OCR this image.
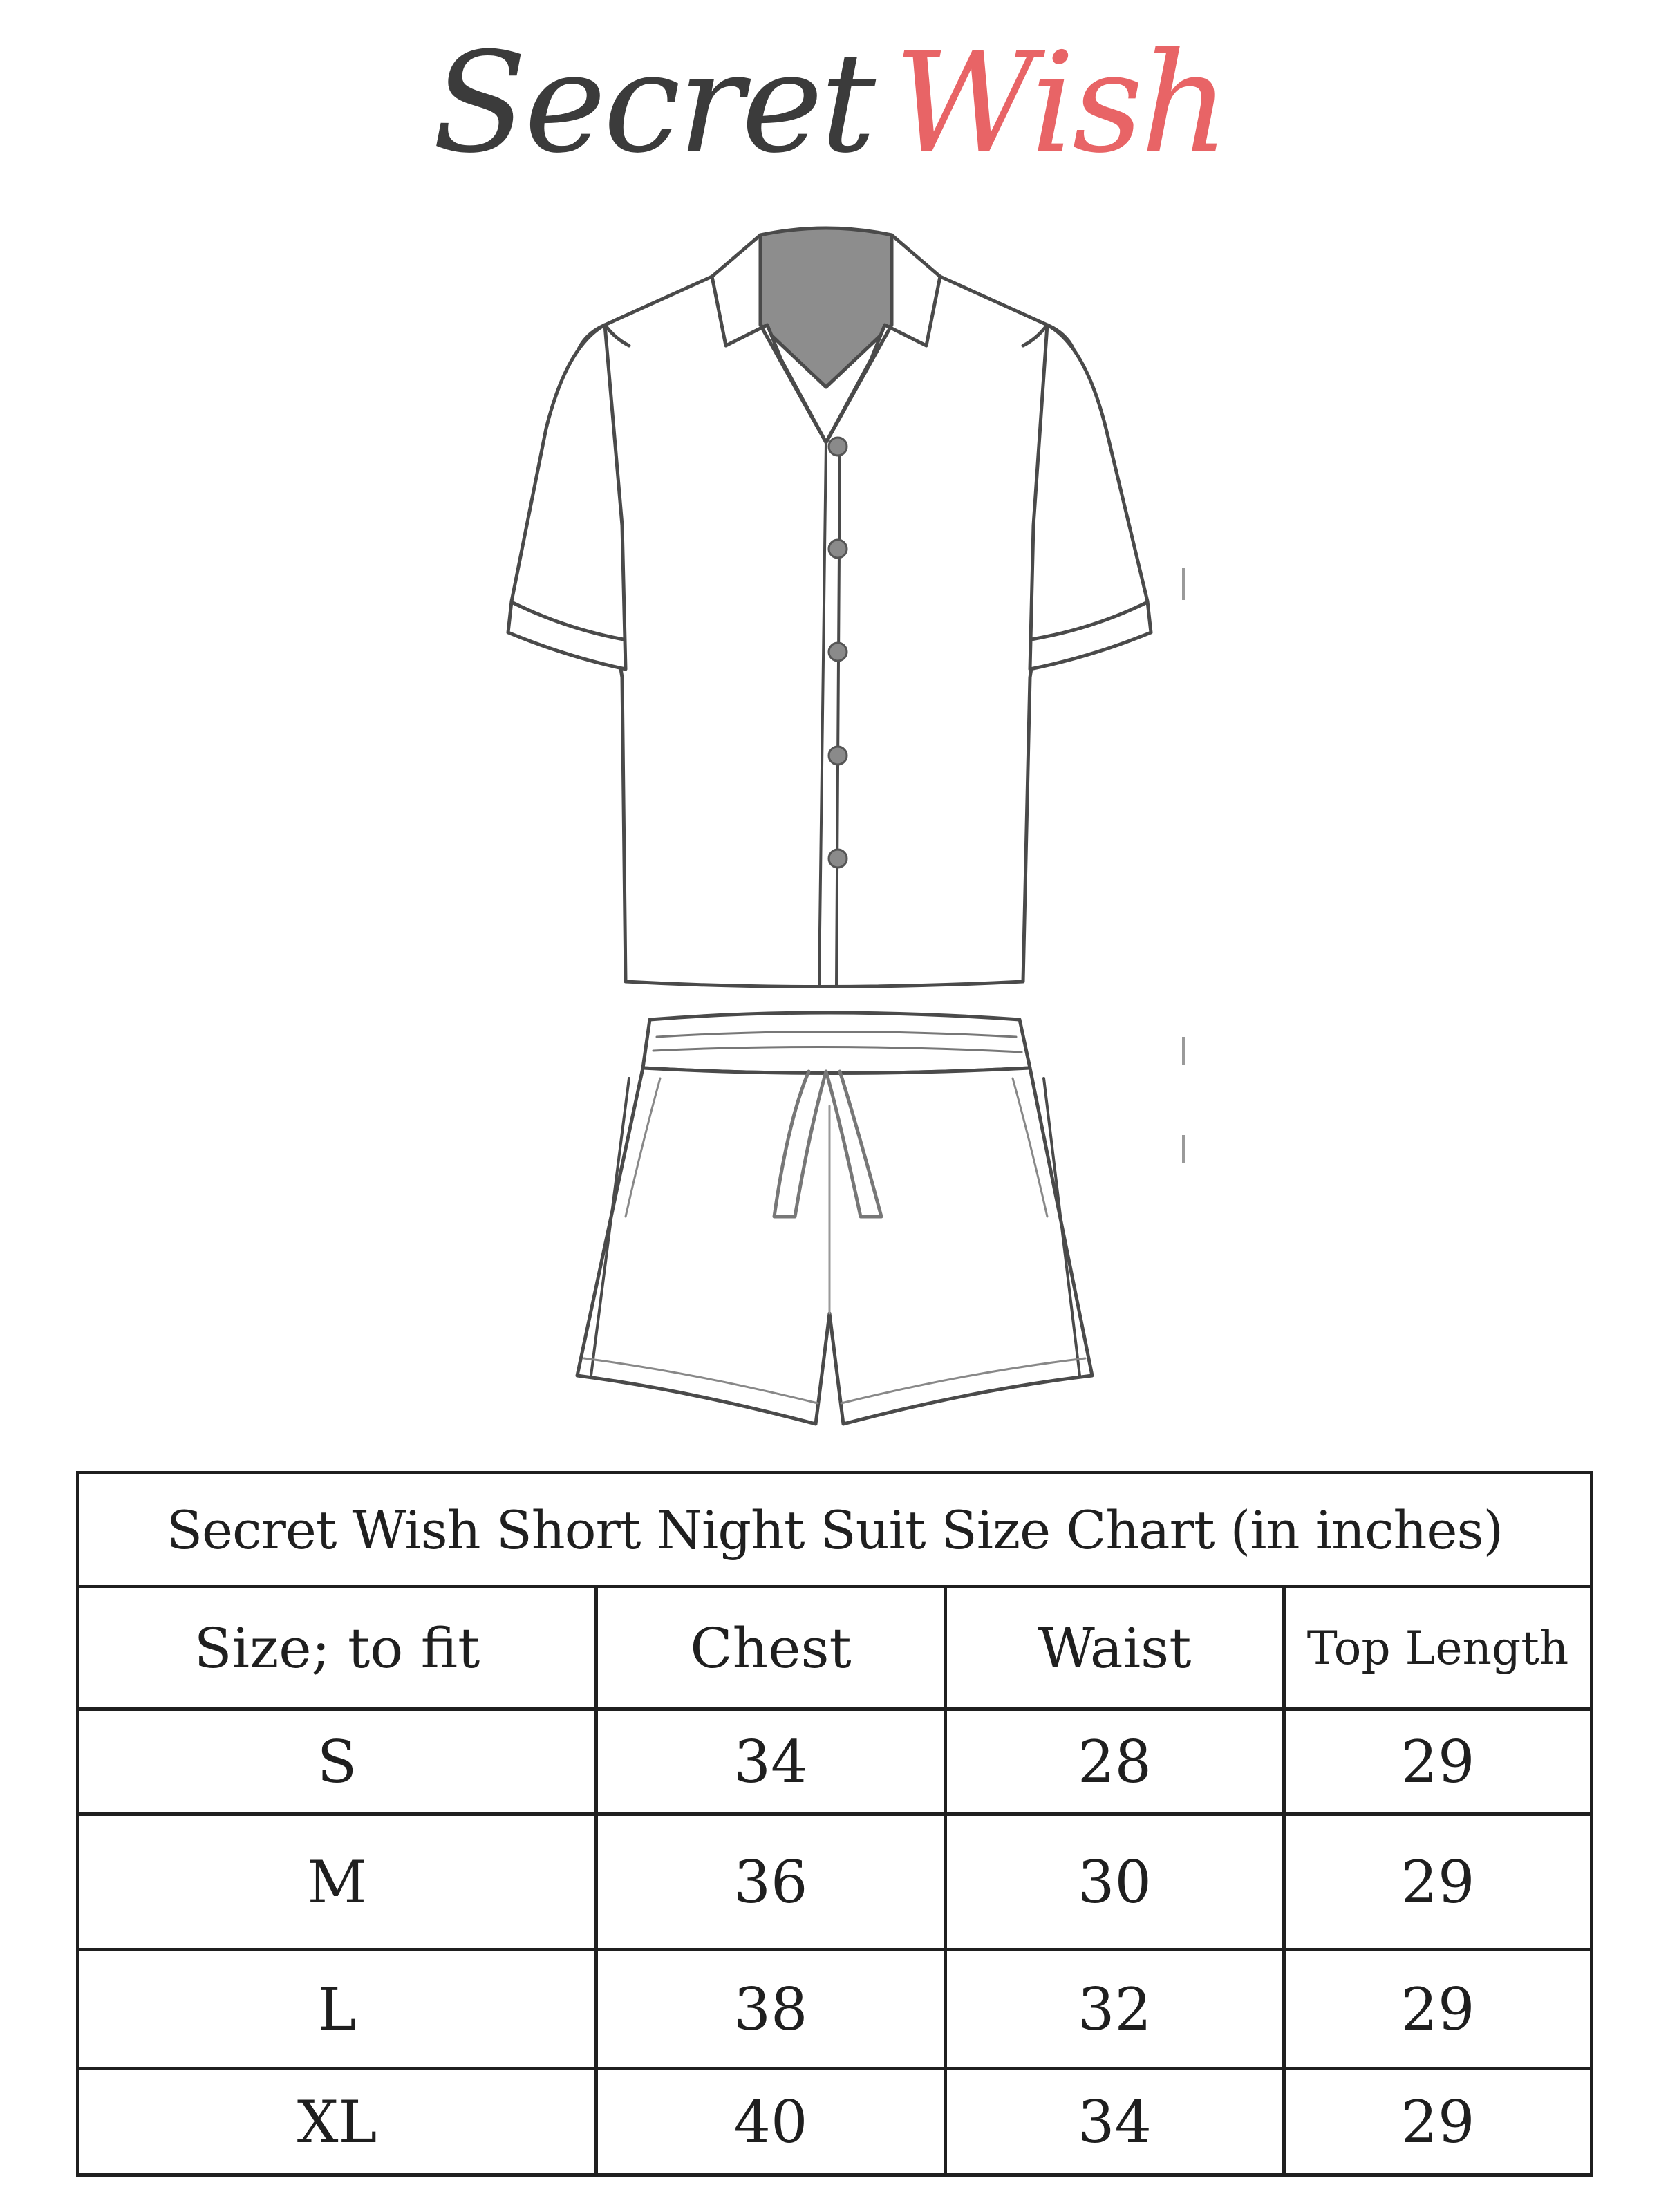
Secret Wish
Secret Wish Short Night Suit Size Chart (in inches)			
Size; to fit	Chest	Waist	Top Length
S	34	28	29
M	36	30	29
L	38	32	29
XL	40	34	29
